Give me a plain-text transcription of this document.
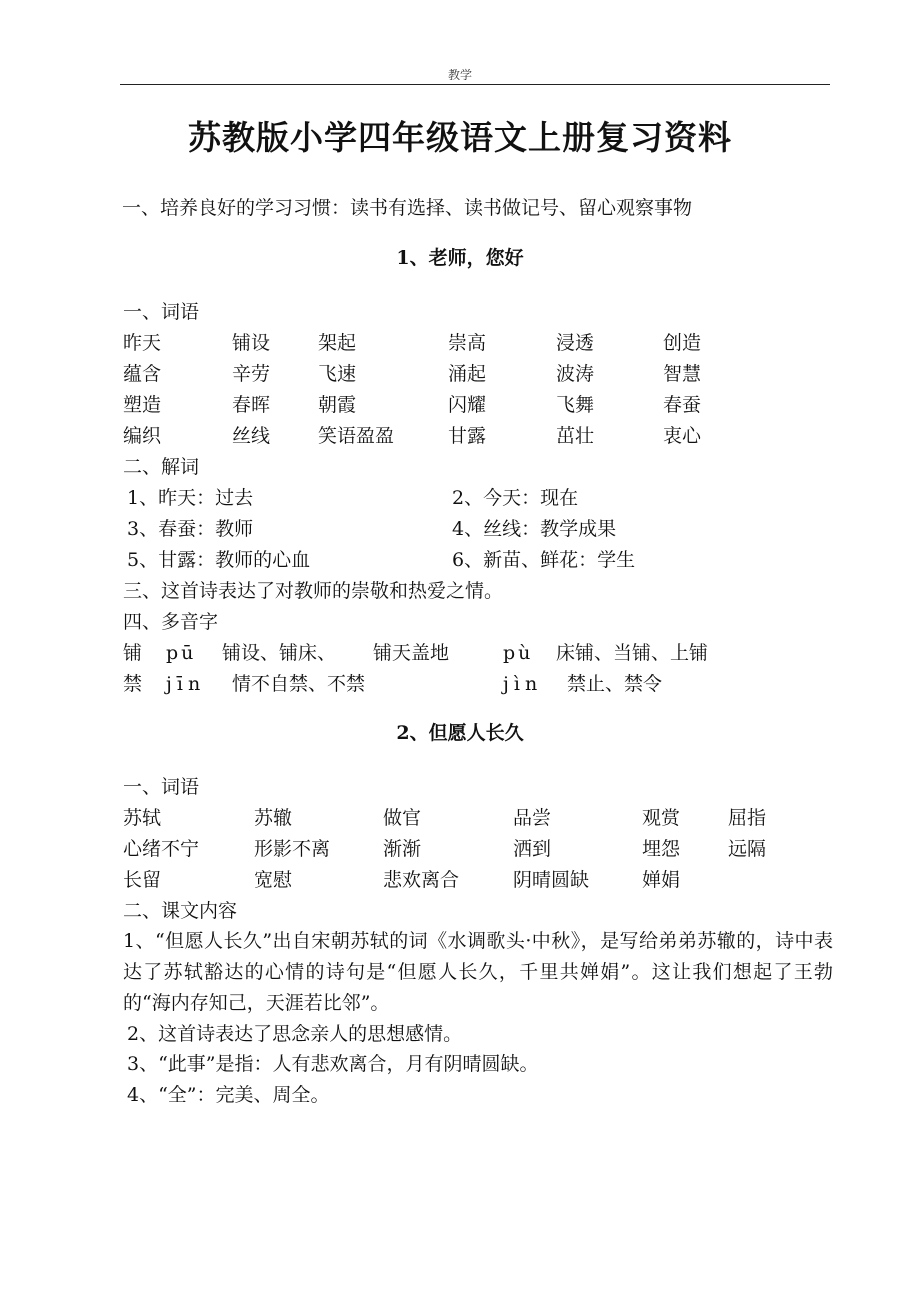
教学
苏教版小学四年级语文上册复习资料
一、培养良好的学习习惯：读书有选择、读书做记号、留心观察事物
1、老师，您好
一、词语
昨天	铺设	架起	崇高	浸透	创造
蕴含	辛劳	飞速	涌起	波涛	智慧
塑造	春晖	朝霞	闪耀	飞舞	春蚕
编织	丝线	笑语盈盈	甘露	茁壮	衷心
二、解词
1、昨天：过去	2、今天：现在
3、春蚕：教师	4、丝线：教学成果
5、甘露：教师的心血	6、新苗、鲜花：学生
三、这首诗表达了对教师的崇敬和热爱之情。
四、多音字
铺 pū 铺设、铺床、 铺天盖地	pù 床铺、当铺、上铺
禁 jīn 情不自禁、不禁	jìn 禁止、禁令
2、但愿人长久
一、词语
苏轼	苏辙	做官	品尝	观赏	屈指
心绪不宁	形影不离	渐渐	洒到	埋怨	远隔
长留	宽慰	悲欢离合	阴晴圆缺	婵娟
二、课文内容
1、“但愿人长久”出自宋朝苏轼的词《水调歌头·中秋》，是写给弟弟苏辙的，诗中表达了苏轼豁达的心情的诗句是“但愿人长久，千里共婵娟”。这让我们想起了王勃的“海内存知己，天涯若比邻”。
2、这首诗表达了思念亲人的思想感情。
3、“此事”是指：人有悲欢离合，月有阴晴圆缺。
4、“全”：完美、周全。
